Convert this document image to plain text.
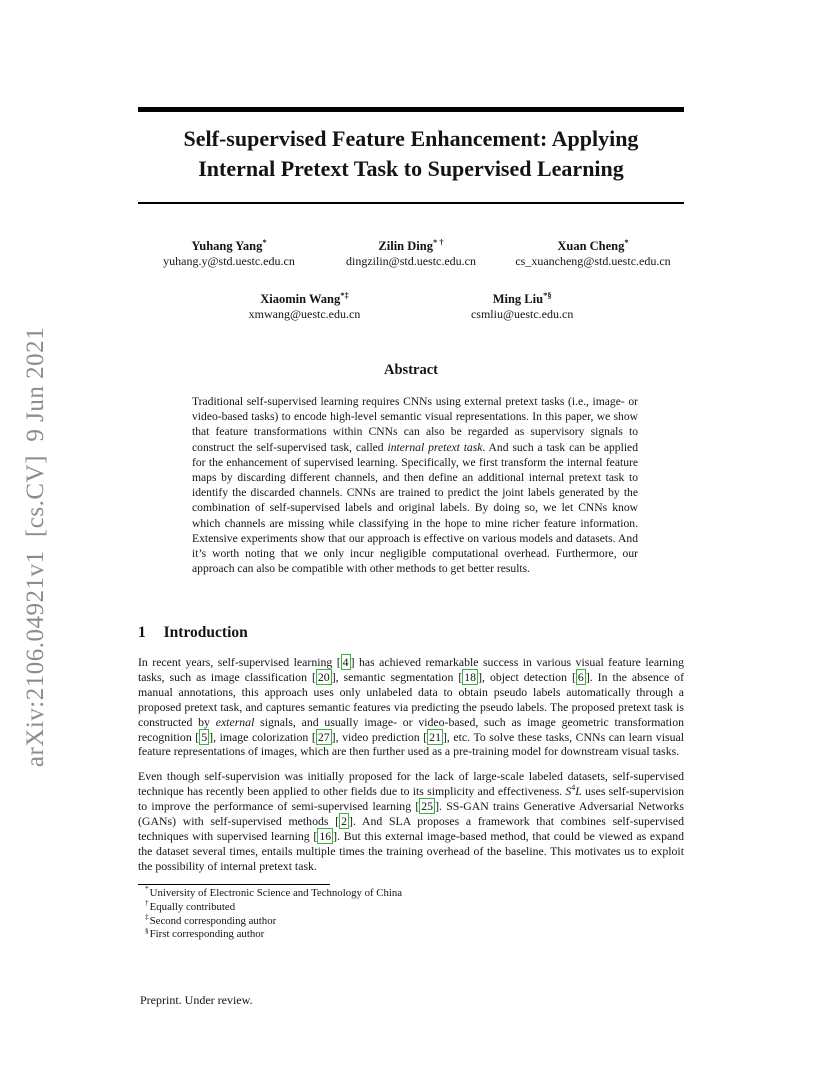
arXiv:2106.04921v1  [cs.CV]  9 Jun 2021
Self-supervised Feature Enhancement: Applying
Internal Pretext Task to Supervised Learning
Yuhang Yang*
yuhang.y@std.uestc.edu.cn
Zilin Ding* †
dingzilin@std.uestc.edu.cn
Xuan Cheng*
cs_xuancheng@std.uestc.edu.cn
Xiaomin Wang*‡
xmwang@uestc.edu.cn
Ming Liu*§
csmliu@uestc.edu.cn
Abstract
Traditional self-supervised learning requires CNNs using external pretext tasks (i.e., image- or video-based tasks) to encode high-level semantic visual representations. In this paper, we show that feature transformations within CNNs can also be regarded as supervisory signals to construct the self-supervised task, called internal pretext task. And such a task can be applied for the enhancement of supervised learning. Specifically, we first transform the internal feature maps by discarding different channels, and then define an additional internal pretext task to identify the discarded channels. CNNs are trained to predict the joint labels generated by the combination of self-supervised labels and original labels. By doing so, we let CNNs know which channels are missing while classifying in the hope to mine richer feature information. Extensive experiments show that our approach is effective on various models and datasets. And it’s worth noting that we only incur negligible computational overhead. Furthermore, our approach can also be compatible with other methods to get better results.
1 Introduction

In recent years, self-supervised learning [ 4 ] has achieved remarkable success in various visual feature learning tasks, such as image classification [ 20 ], semantic segmentation [ 18 ], object detection [ 6 ]. In the absence of manual annotations, this approach uses only unlabeled data to obtain pseudo labels automatically through a proposed pretext task, and captures semantic features via predicting the pseudo labels. The proposed pretext task is constructed by external signals, and usually image- or video-based, such as image geometric transformation recognition [ 5 ], image colorization [ 27 ], video prediction [ 21 ], etc. To solve these tasks, CNNs can learn visual feature representations of images, which are then further used as a pre-training model for downstream visual tasks.

Even though self-supervision was initially proposed for the lack of large-scale labeled datasets, self-supervised technique has recently been applied to other fields due to its simplicity and effectiveness. $S^4L$ uses self-supervision to improve the performance of semi-supervised learning [ 25 ]. SS-GAN trains Generative Adversarial Networks (GANs) with self-supervised methods [ 2 ]. And SLA proposes a framework that combines self-supervised techniques with supervised learning [ 16 ]. But this external image-based method, that could be viewed as expand the dataset several times, entails multiple times the training overhead of the baseline. This motivates us to exploit the possibility of internal pretext task.

*University of Electronic Science and Technology of China
†Equally contributed
‡Second corresponding author
§First corresponding author
Preprint. Under review.
